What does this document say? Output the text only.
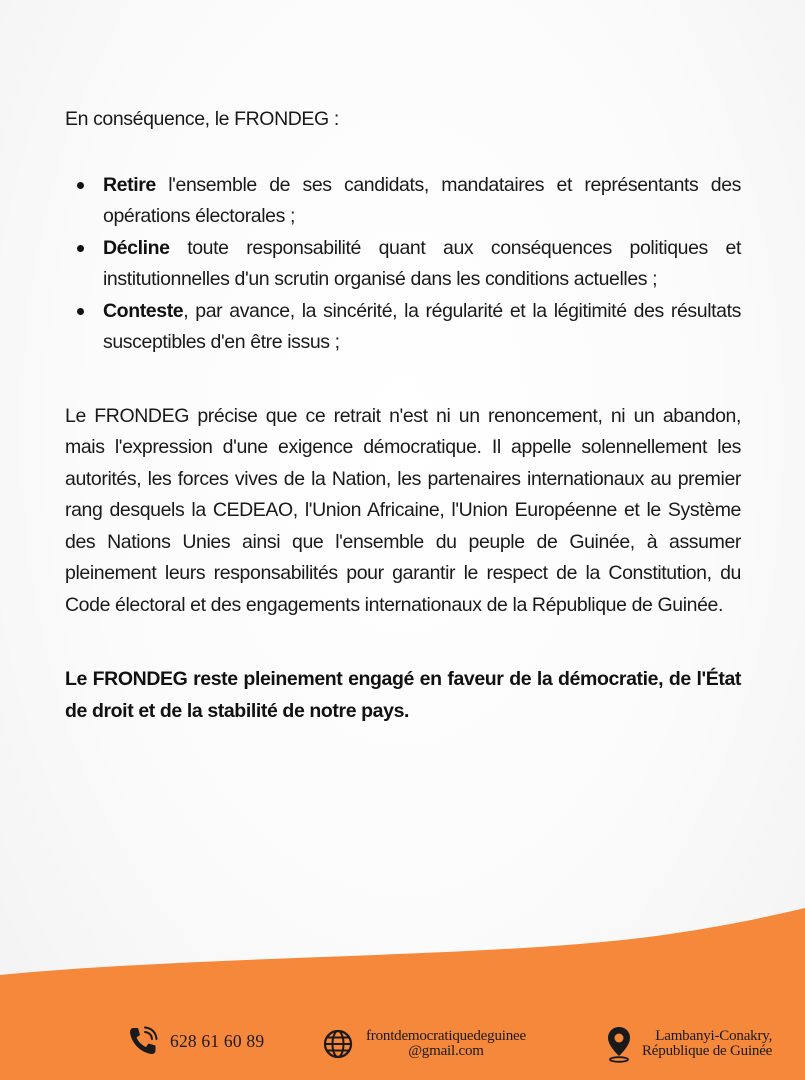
En conséquence, le FRONDEG :

Retire l'ensemble de ses candidats, mandataires et représentants des opérations électorales ;
Décline toute responsabilité quant aux conséquences politiques et institutionnelles d'un scrutin organisé dans les conditions actuelles ;
Conteste, par avance, la sincérité, la régularité et la légitimité des résultats susceptibles d'en être issus ;

Le FRONDEG précise que ce retrait n'est ni un renoncement, ni un abandon, mais l'expression d'une exigence démocratique. Il appelle solennellement les autorités, les forces vives de la Nation, les partenaires internationaux au premier rang desquels la CEDEAO, l'Union Africaine, l'Union Européenne et le Système des Nations Unies ainsi que l'ensemble du peuple de Guinée, à assumer pleinement leurs responsabilités pour garantir le respect de la Constitution, du Code électoral et des engagements internationaux de la République de Guinée.

Le FRONDEG reste pleinement engagé en faveur de la démocratie, de l'État de droit et de la stabilité de notre pays.

628 61 60 89	frontdemocratiquedeguinee
@gmail.com
Lambanyi-Conakry,
République de Guinée
